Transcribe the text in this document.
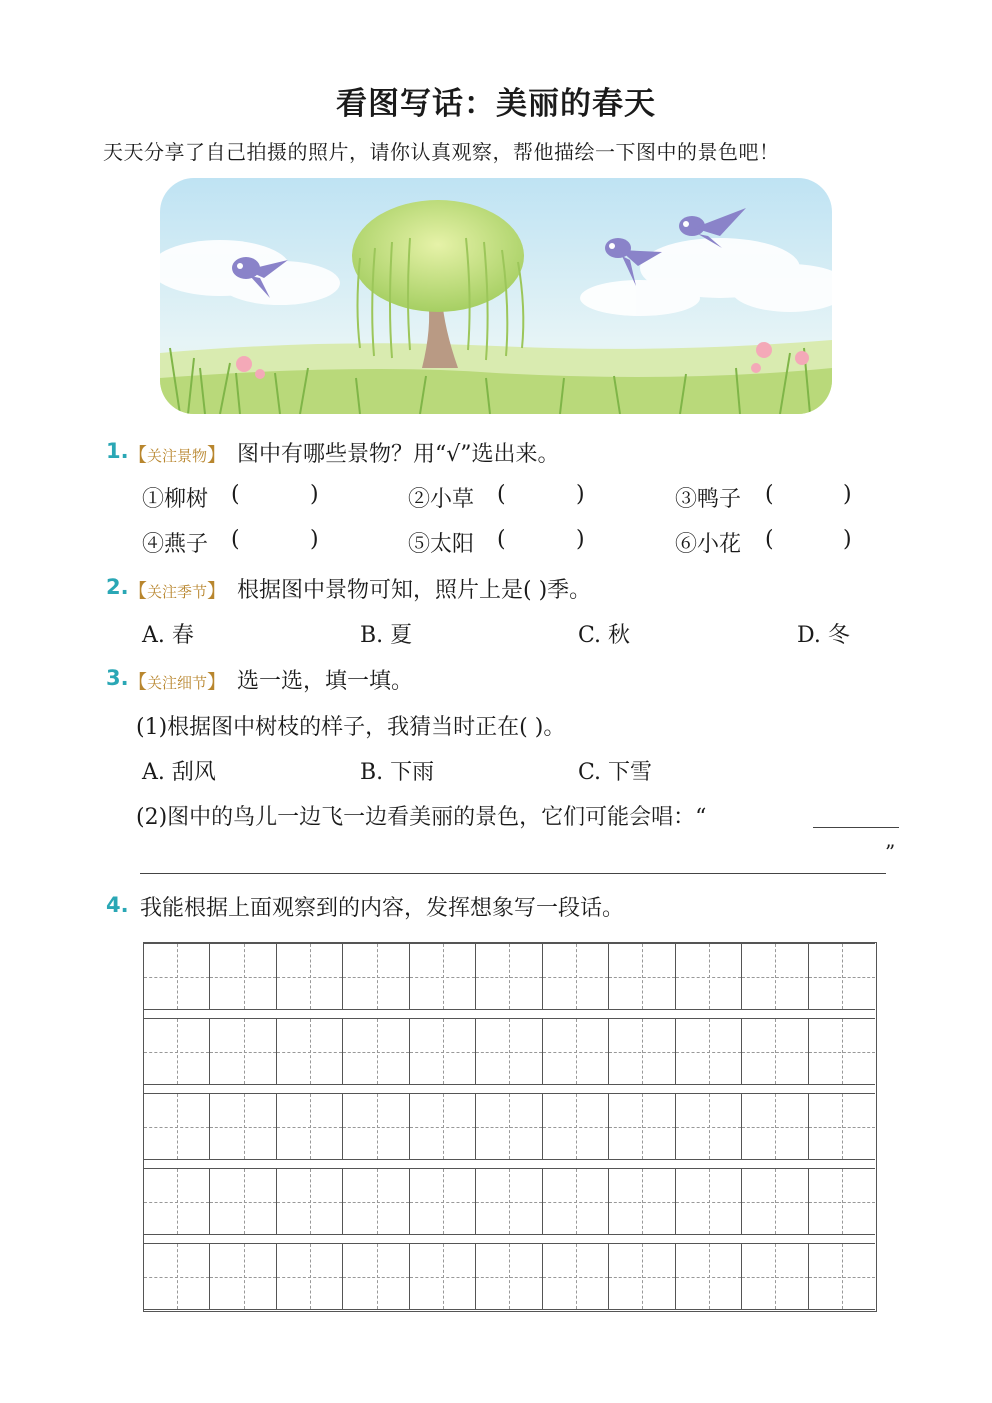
看图写话：美丽的春天
天天分享了自己拍摄的照片，请你认真观察，帮他描绘一下图中的景色吧！
1. 【关注景物】 图中有哪些景物？用“√”选出来。
①柳树 (	)	②小草 (	)	③鸭子 (	)
④燕子 (	)	⑤太阳 (	)	⑥小花 (	)
2. 【关注季节】 根据图中景物可知，照片上是( )季。
A. 春	B. 夏	C. 秋	D. 冬
3. 【关注细节】 选一选，填一填。
(1)根据图中树枝的样子，我猜当时正在( )。
A. 刮风	B. 下雨	C. 下雪
(2)图中的鸟儿一边飞一边看美丽的景色，它们可能会唱：“
”
4. 我能根据上面观察到的内容，发挥想象写一段话。
